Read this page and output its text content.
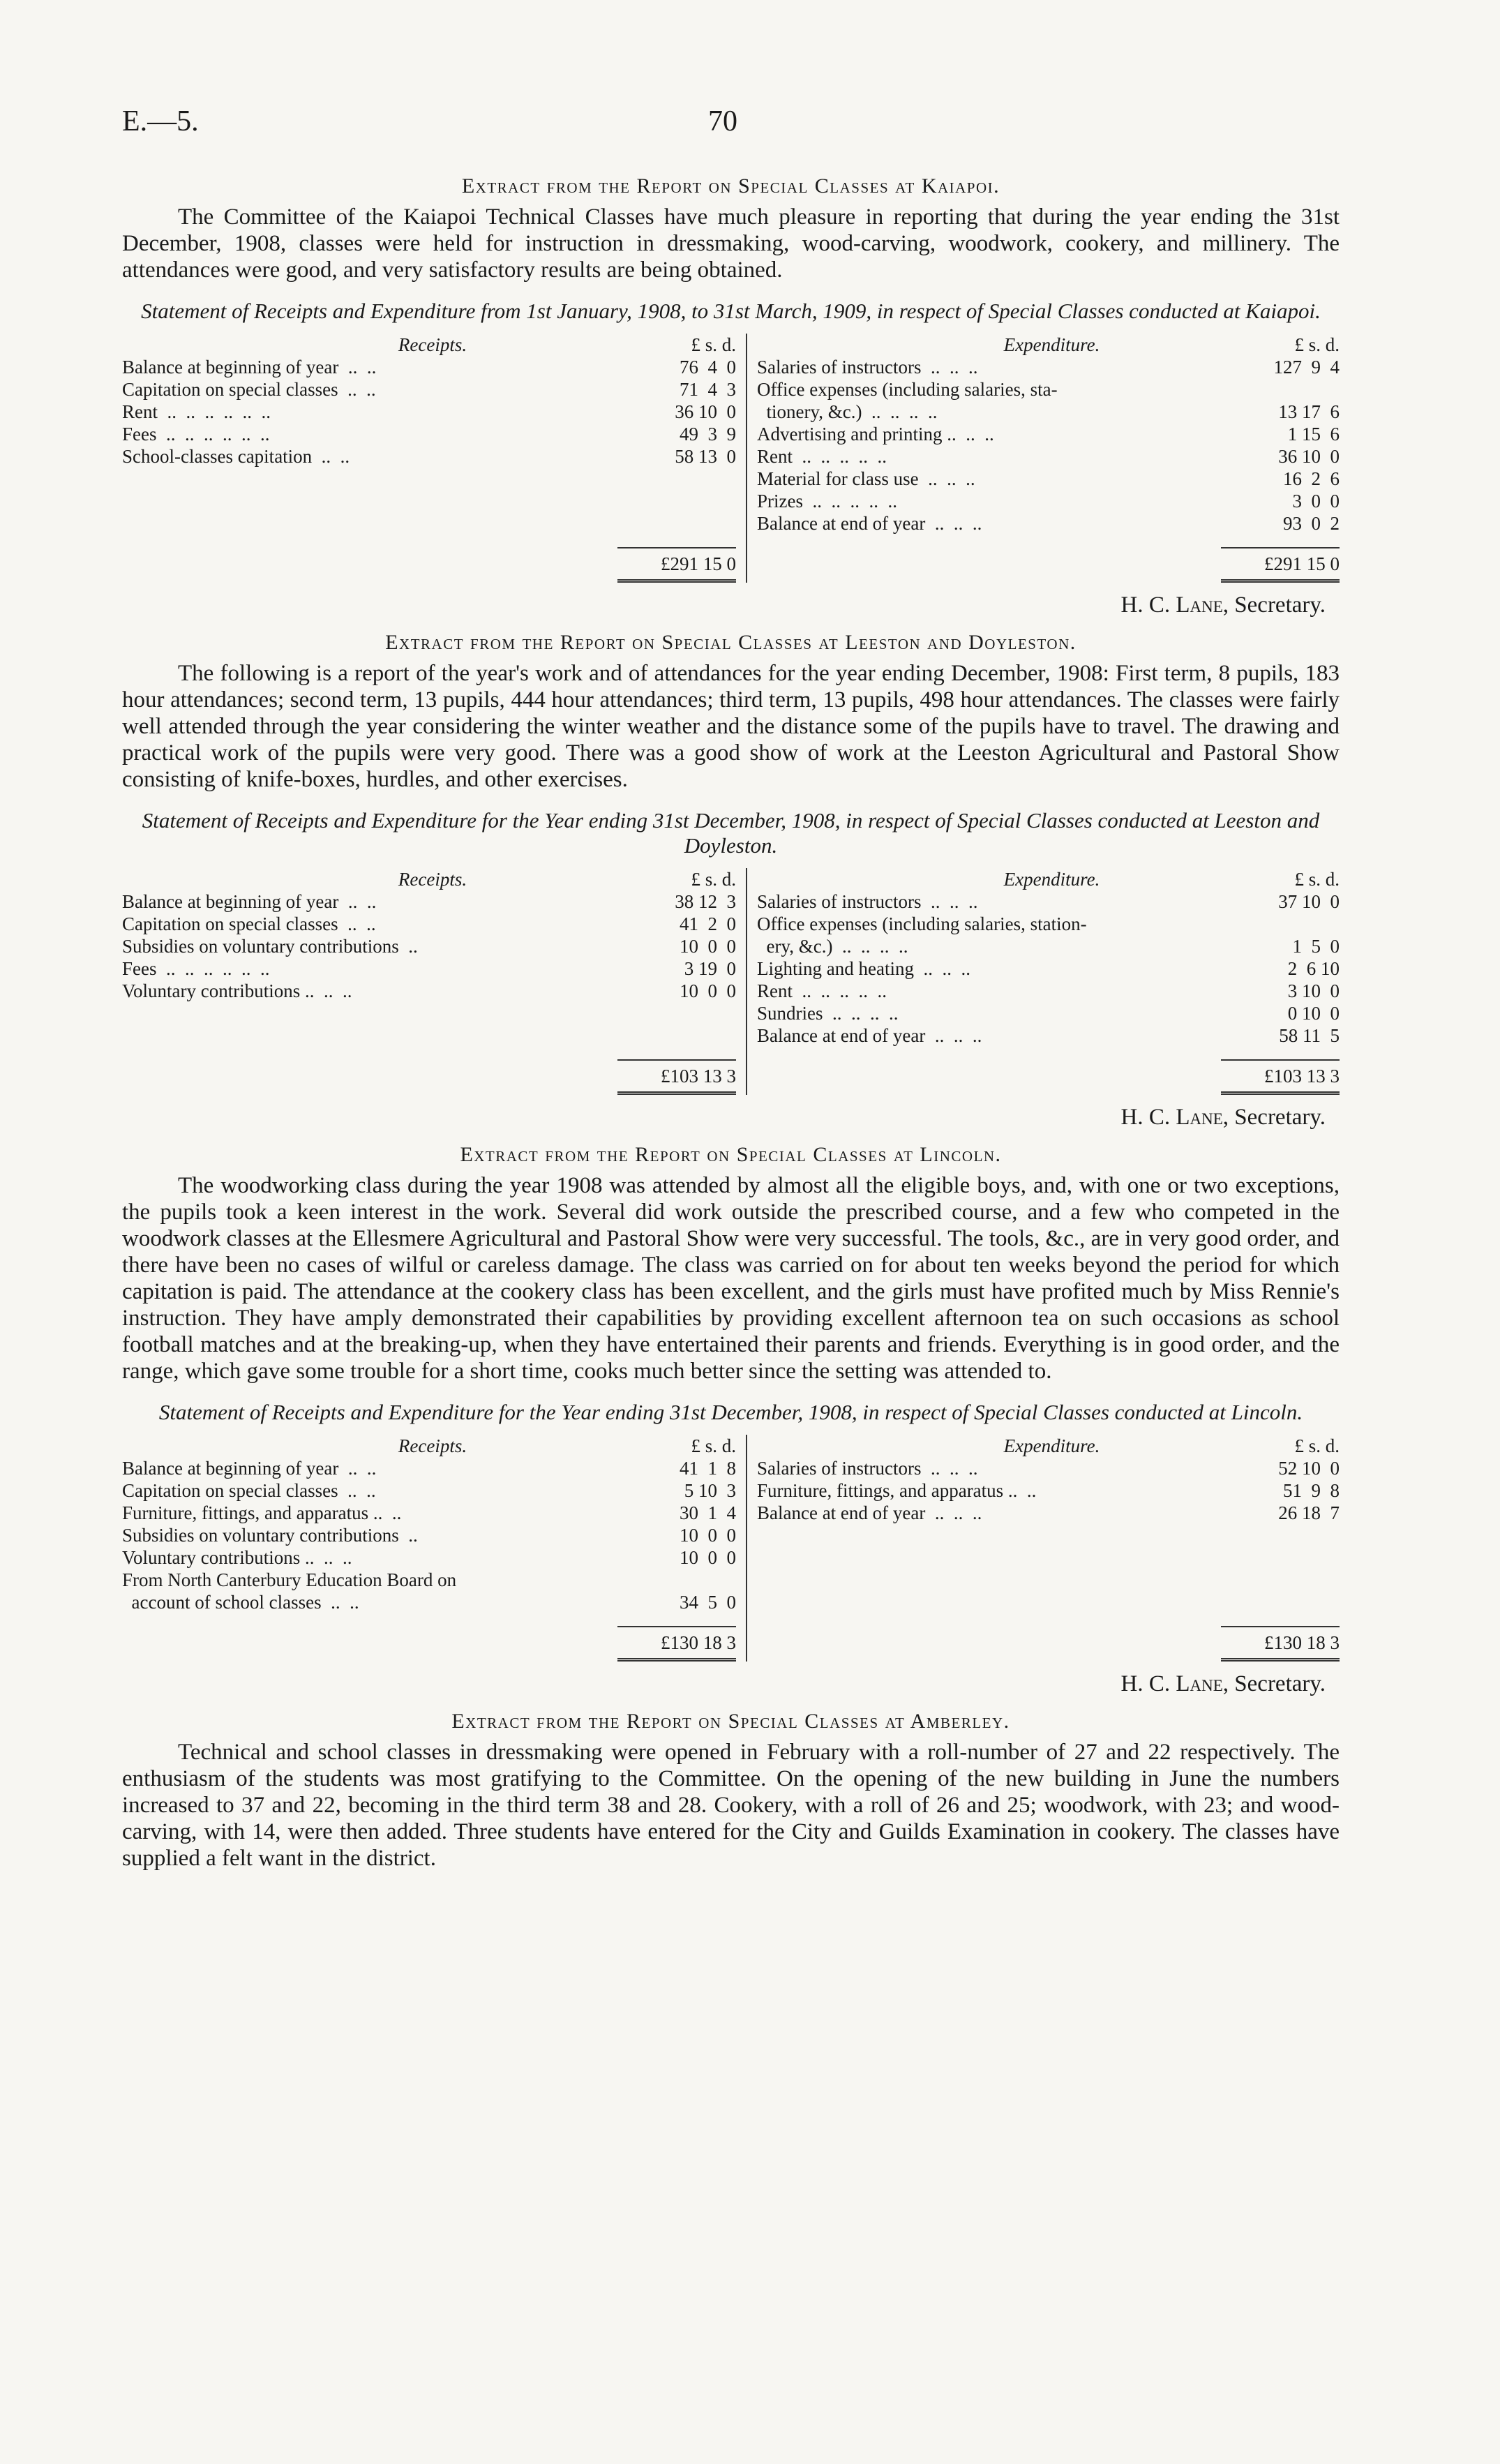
E.—5.	70
Extract from the Report on Special Classes at Kaiapoi.

The Committee of the Kaiapoi Technical Classes have much pleasure in reporting that during the year ending the 31st December, 1908, classes were held for instruction in dressmaking, wood-carving, woodwork, cookery, and millinery. The attendances were good, and very satisfactory results are being obtained.

Statement of Receipts and Expenditure from 1st January, 1908, to 31st March, 1909, in respect of Special Classes conducted at Kaiapoi.
Receipts.	£ s. d.
Balance at beginning of year  ..  ..	76  4  0
Capitation on special classes  ..  ..	71  4  3
Rent  ..  ..  ..  ..  ..  ..	36 10  0
Fees  ..  ..  ..  ..  ..  ..	49  3  9
School-classes capitation  ..  ..	58 13  0
£291 15 0
Expenditure.	£ s. d.
Salaries of instructors  ..  ..  ..	127  9  4
Office expenses (including salaries, sta-
tionery, &c.)  ..  ..  ..  ..	13 17  6
Advertising and printing ..  ..  ..	1 15  6
Rent  ..  ..  ..  ..  ..	36 10  0
Material for class use  ..  ..  ..	16  2  6
Prizes  ..  ..  ..  ..  ..	3  0  0
Balance at end of year  ..  ..  ..	93  0  2
£291 15 0
H. C. Lane, Secretary.
Extract from the Report on Special Classes at Leeston and Doyleston.

The following is a report of the year's work and of attendances for the year ending December, 1908: First term, 8 pupils, 183 hour attendances; second term, 13 pupils, 444 hour attendances; third term, 13 pupils, 498 hour attendances. The classes were fairly well attended through the year considering the winter weather and the distance some of the pupils have to travel. The drawing and practical work of the pupils were very good. There was a good show of work at the Leeston Agricultural and Pastoral Show consisting of knife-boxes, hurdles, and other exercises.

Statement of Receipts and Expenditure for the Year ending 31st December, 1908, in respect of Special Classes conducted at Leeston and Doyleston.
Receipts.	£ s. d.
Balance at beginning of year  ..  ..	38 12  3
Capitation on special classes  ..  ..	41  2  0
Subsidies on voluntary contributions  ..	10  0  0
Fees  ..  ..  ..  ..  ..  ..	3 19  0
Voluntary contributions ..  ..  ..	10  0  0
£103 13 3
Expenditure.	£ s. d.
Salaries of instructors  ..  ..  ..	37 10  0
Office expenses (including salaries, station-
ery, &c.)  ..  ..  ..  ..	1  5  0
Lighting and heating  ..  ..  ..	2  6 10
Rent  ..  ..  ..  ..  ..	3 10  0
Sundries  ..  ..  ..  ..	0 10  0
Balance at end of year  ..  ..  ..	58 11  5
£103 13 3
H. C. Lane, Secretary.
Extract from the Report on Special Classes at Lincoln.

The woodworking class during the year 1908 was attended by almost all the eligible boys, and, with one or two exceptions, the pupils took a keen interest in the work. Several did work outside the prescribed course, and a few who competed in the woodwork classes at the Ellesmere Agricultural and Pastoral Show were very successful. The tools, &c., are in very good order, and there have been no cases of wilful or careless damage. The class was carried on for about ten weeks beyond the period for which capitation is paid. The attendance at the cookery class has been excellent, and the girls must have profited much by Miss Rennie's instruction. They have amply demonstrated their capabilities by providing excellent afternoon tea on such occasions as school football matches and at the breaking-up, when they have entertained their parents and friends. Everything is in good order, and the range, which gave some trouble for a short time, cooks much better since the setting was attended to.

Statement of Receipts and Expenditure for the Year ending 31st December, 1908, in respect of Special Classes conducted at Lincoln.
Receipts.	£ s. d.
Balance at beginning of year  ..  ..	41  1  8
Capitation on special classes  ..  ..	5 10  3
Furniture, fittings, and apparatus ..  ..	30  1  4
Subsidies on voluntary contributions  ..	10  0  0
Voluntary contributions ..  ..  ..	10  0  0
From North Canterbury Education Board on
account of school classes  ..  ..	34  5  0
£130 18 3
Expenditure.	£ s. d.
Salaries of instructors  ..  ..  ..	52 10  0
Furniture, fittings, and apparatus ..  ..	51  9  8
Balance at end of year  ..  ..  ..	26 18  7
£130 18 3
H. C. Lane, Secretary.
Extract from the Report on Special Classes at Amberley.

Technical and school classes in dressmaking were opened in February with a roll-number of 27 and 22 respectively. The enthusiasm of the students was most gratifying to the Committee. On the opening of the new building in June the numbers increased to 37 and 22, becoming in the third term 38 and 28. Cookery, with a roll of 26 and 25; woodwork, with 23; and wood-carving, with 14, were then added. Three students have entered for the City and Guilds Examination in cookery. The classes have supplied a felt want in the district.
